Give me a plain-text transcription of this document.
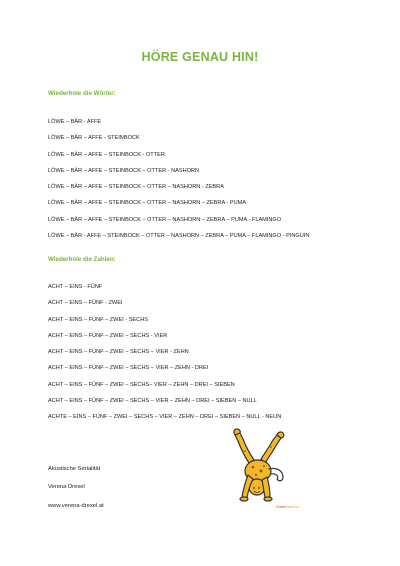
HÖRE GENAU HIN!
Wiederhole die Wörter:
LÖWE – BÄR - AFFE
LÖWE – BÄR – AFFE - STEINBOCK
LÖWE – BÄR – AFFE – STEINBOCK - OTTER
LÖWE – BÄR – AFFE – STEINBOCK – OTTER - NASHORN
LÖWE – BÄR – AFFE – STEINBOCK – OTTER – NASHORN - ZEBRA
LÖWE – BÄR – AFFE – STEINBOCK – OTTER – NASHORN – ZEBRA - PUMA
LÖWE – BÄR – AFFE – STEINBOCK – OTTER – NASHORN – ZEBRA – PUMA - FLAMINGO
LÖWE – BÄR - AFFE – STEINBOCK – OTTER – NASHORN – ZEBRA – PUMA – FLAMINGO - PINGUIN
Wiederhole die Zahlen:
ACHT – EINS - FÜNF
ACHT – EINS – FÜNF - ZWEI
ACHT – EINS – FÜNF – ZWEI - SECHS
ACHT – EINS – FÜNF – ZWEI – SECHS - VIER
ACHT – EINS – FÜNF – ZWEI – SECHS – VIER - ZEHN
ACHT – EINS – FÜNF – ZWEI – SECHS – VIER – ZEHN - DREI
ACHT – EINS – FÜNF – ZWEI – SECHS– VIER – ZEHN – DREI – SIEBEN
ACHT – EINS – FÜNF – ZWEI – SECHS – VIER – ZEHN – DREI – SIEBEN – NULL
ACHTE – EINS – FÜNF – ZWEI – SECHS – VIER – ZEHN – DREI – SIEBEN – NULL - NEUN
Akustische Serialität
Verena Drexel
www.verena-drexel.at	KinderKramKiste
